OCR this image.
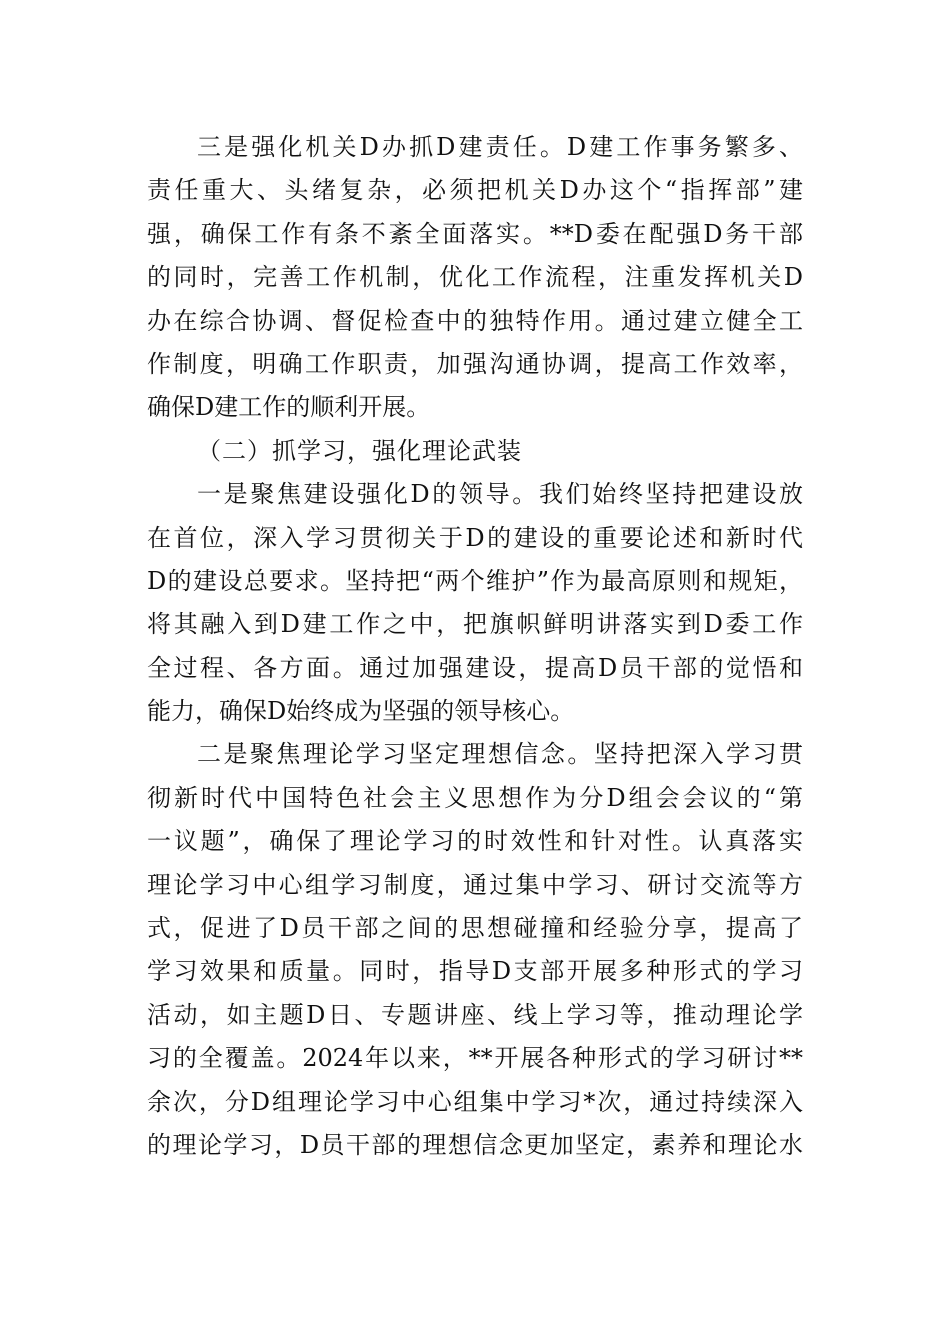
三是强化机关D办抓D建责任。D建工作事务繁多、
责任重大、头绪复杂，必须把机关D办这个“指挥部”建
强，确保工作有条不紊全面落实。**D委在配强D务干部
的同时，完善工作机制，优化工作流程，注重发挥机关D
办在综合协调、督促检查中的独特作用。通过建立健全工
作制度，明确工作职责，加强沟通协调，提高工作效率，
确保D建工作的顺利开展。
（二）抓学习，强化理论武装
一是聚焦建设强化D的领导。我们始终坚持把建设放
在首位，深入学习贯彻关于D的建设的重要论述和新时代
D的建设总要求。坚持把“两个维护”作为最高原则和规矩，
将其融入到D建工作之中，把旗帜鲜明讲落实到D委工作
全过程、各方面。通过加强建设，提高D员干部的觉悟和
能力，确保D始终成为坚强的领导核心。
二是聚焦理论学习坚定理想信念。坚持把深入学习贯
彻新时代中国特色社会主义思想作为分D组会会议的“第
一议题”，确保了理论学习的时效性和针对性。认真落实
理论学习中心组学习制度，通过集中学习、研讨交流等方
式，促进了D员干部之间的思想碰撞和经验分享，提高了
学习效果和质量。同时，指导D支部开展多种形式的学习
活动，如主题D日、专题讲座、线上学习等，推动理论学
习的全覆盖。2024年以来，**开展各种形式的学习研讨**
余次，分D组理论学习中心组集中学习*次，通过持续深入
的理论学习，D员干部的理想信念更加坚定，素养和理论水
